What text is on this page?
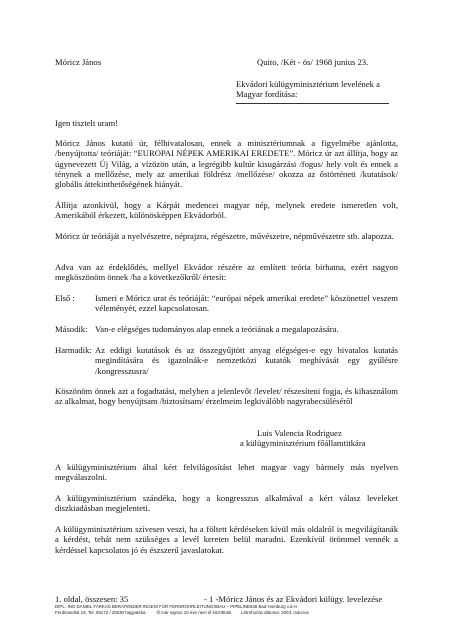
Móricz János	Quito, /Két - ös/ 1968 junius 23.
Ekvádori külügyminisztérium levelének a
Magyar fordítása:
Igen tisztelt uram!

Móricz János kutató úr, félhivatalosan, ennek a minisztériumnak a figyelmébe ajánlotta, /benyújtotta/ teóriáját: “EUROPAI NÉPEK AMERIKAI EREDETE”. Móricz úr azt állítja, hogy az úgynevezett Új Világ, a vízözön után, a legrégibb kultúr kisugárzási /fogus/ hely volt és ennek a ténynek a mellőzése, mely az amerikai földrész /mellőzése/ okozza az őstörténeti /kutatások/ globális áttekinthetőségének hiányát.

Állítja azonkívül, hogy a Kárpát medencei magyar nép, melynek eredete ismeretlen volt, Amerikából érkezett, különösképpen Ekvádorból.

Móricz úr teóriáját a nyelvészetre, néprajzra, régészetre, művészetre, népművészetre stb. alapozza.

Adva van az érdeklődés, mellyel Ekvádor részére az említett teória birhatna, ezért nagyon megköszönöm önnek /ha a következőkről/ értesít:

Első :	Ismeri e Móricz urat és teóriáját: “európai népek amerikai eredete” köszönettel veszem véleményét, ezzel kapcsolatosan.
Második: Van-e elégséges tudományos alap ennek a teóriának a megalapozására.
Harmadik: Az eddigi kutatások és az összegyűjtött anyag elégséges-e egy hivatalos kutatás megindítására és igazolnák-e nemzetközi kutatók meghívását egy gyűlésre /kongresszusra/

Köszönöm önnek azt a fogadtatást, melyben a jelenlevőt /levelet/ részesíteni fogja, és kihasználom az alkalmat, hogy benyújtsam /biztosítsam/ érzelmeim legkiválóbb nagyrabecsülésérõl

Luis Valencia Rodriguez
a külügyminisztérium főállamtitkára

A külügyminisztérium által kért felvilágosítást lehet magyar vagy bármely más nyelven megválaszolni.

A külügyminisztérium szándéka, hogy a kongresszus alkalmával a kért válasz leveleket diszkiadásban megjelenteti.

A külügyminisztérium szívesen veszi, ha a föltett kérdéseken kívül más oldalról is megvilágítanák a kérdést, tehát nem szükséges a levél kereten belül maradni. Ezenkívül örömmel vennék a kérdéssel kapcsolatos jó és észszerű javaslatokat.

1. oldal, összesen: 35	- 1 -Móricz János és az Ekvádori külügy. levelezése
DIPL.-ING DANIEL FARKAS BERATENDER INGENI FÜR FERNROHRLEITUNGSBAU – PIPELINE638 Bad Homburg v.d.H.
Ferdinandstr.19, Tel. 06172 / 29330 hagyatéka.        Ő már sajnos 10 éve nem él közöttünk.       Létrehozás dátuma: 2003. március
